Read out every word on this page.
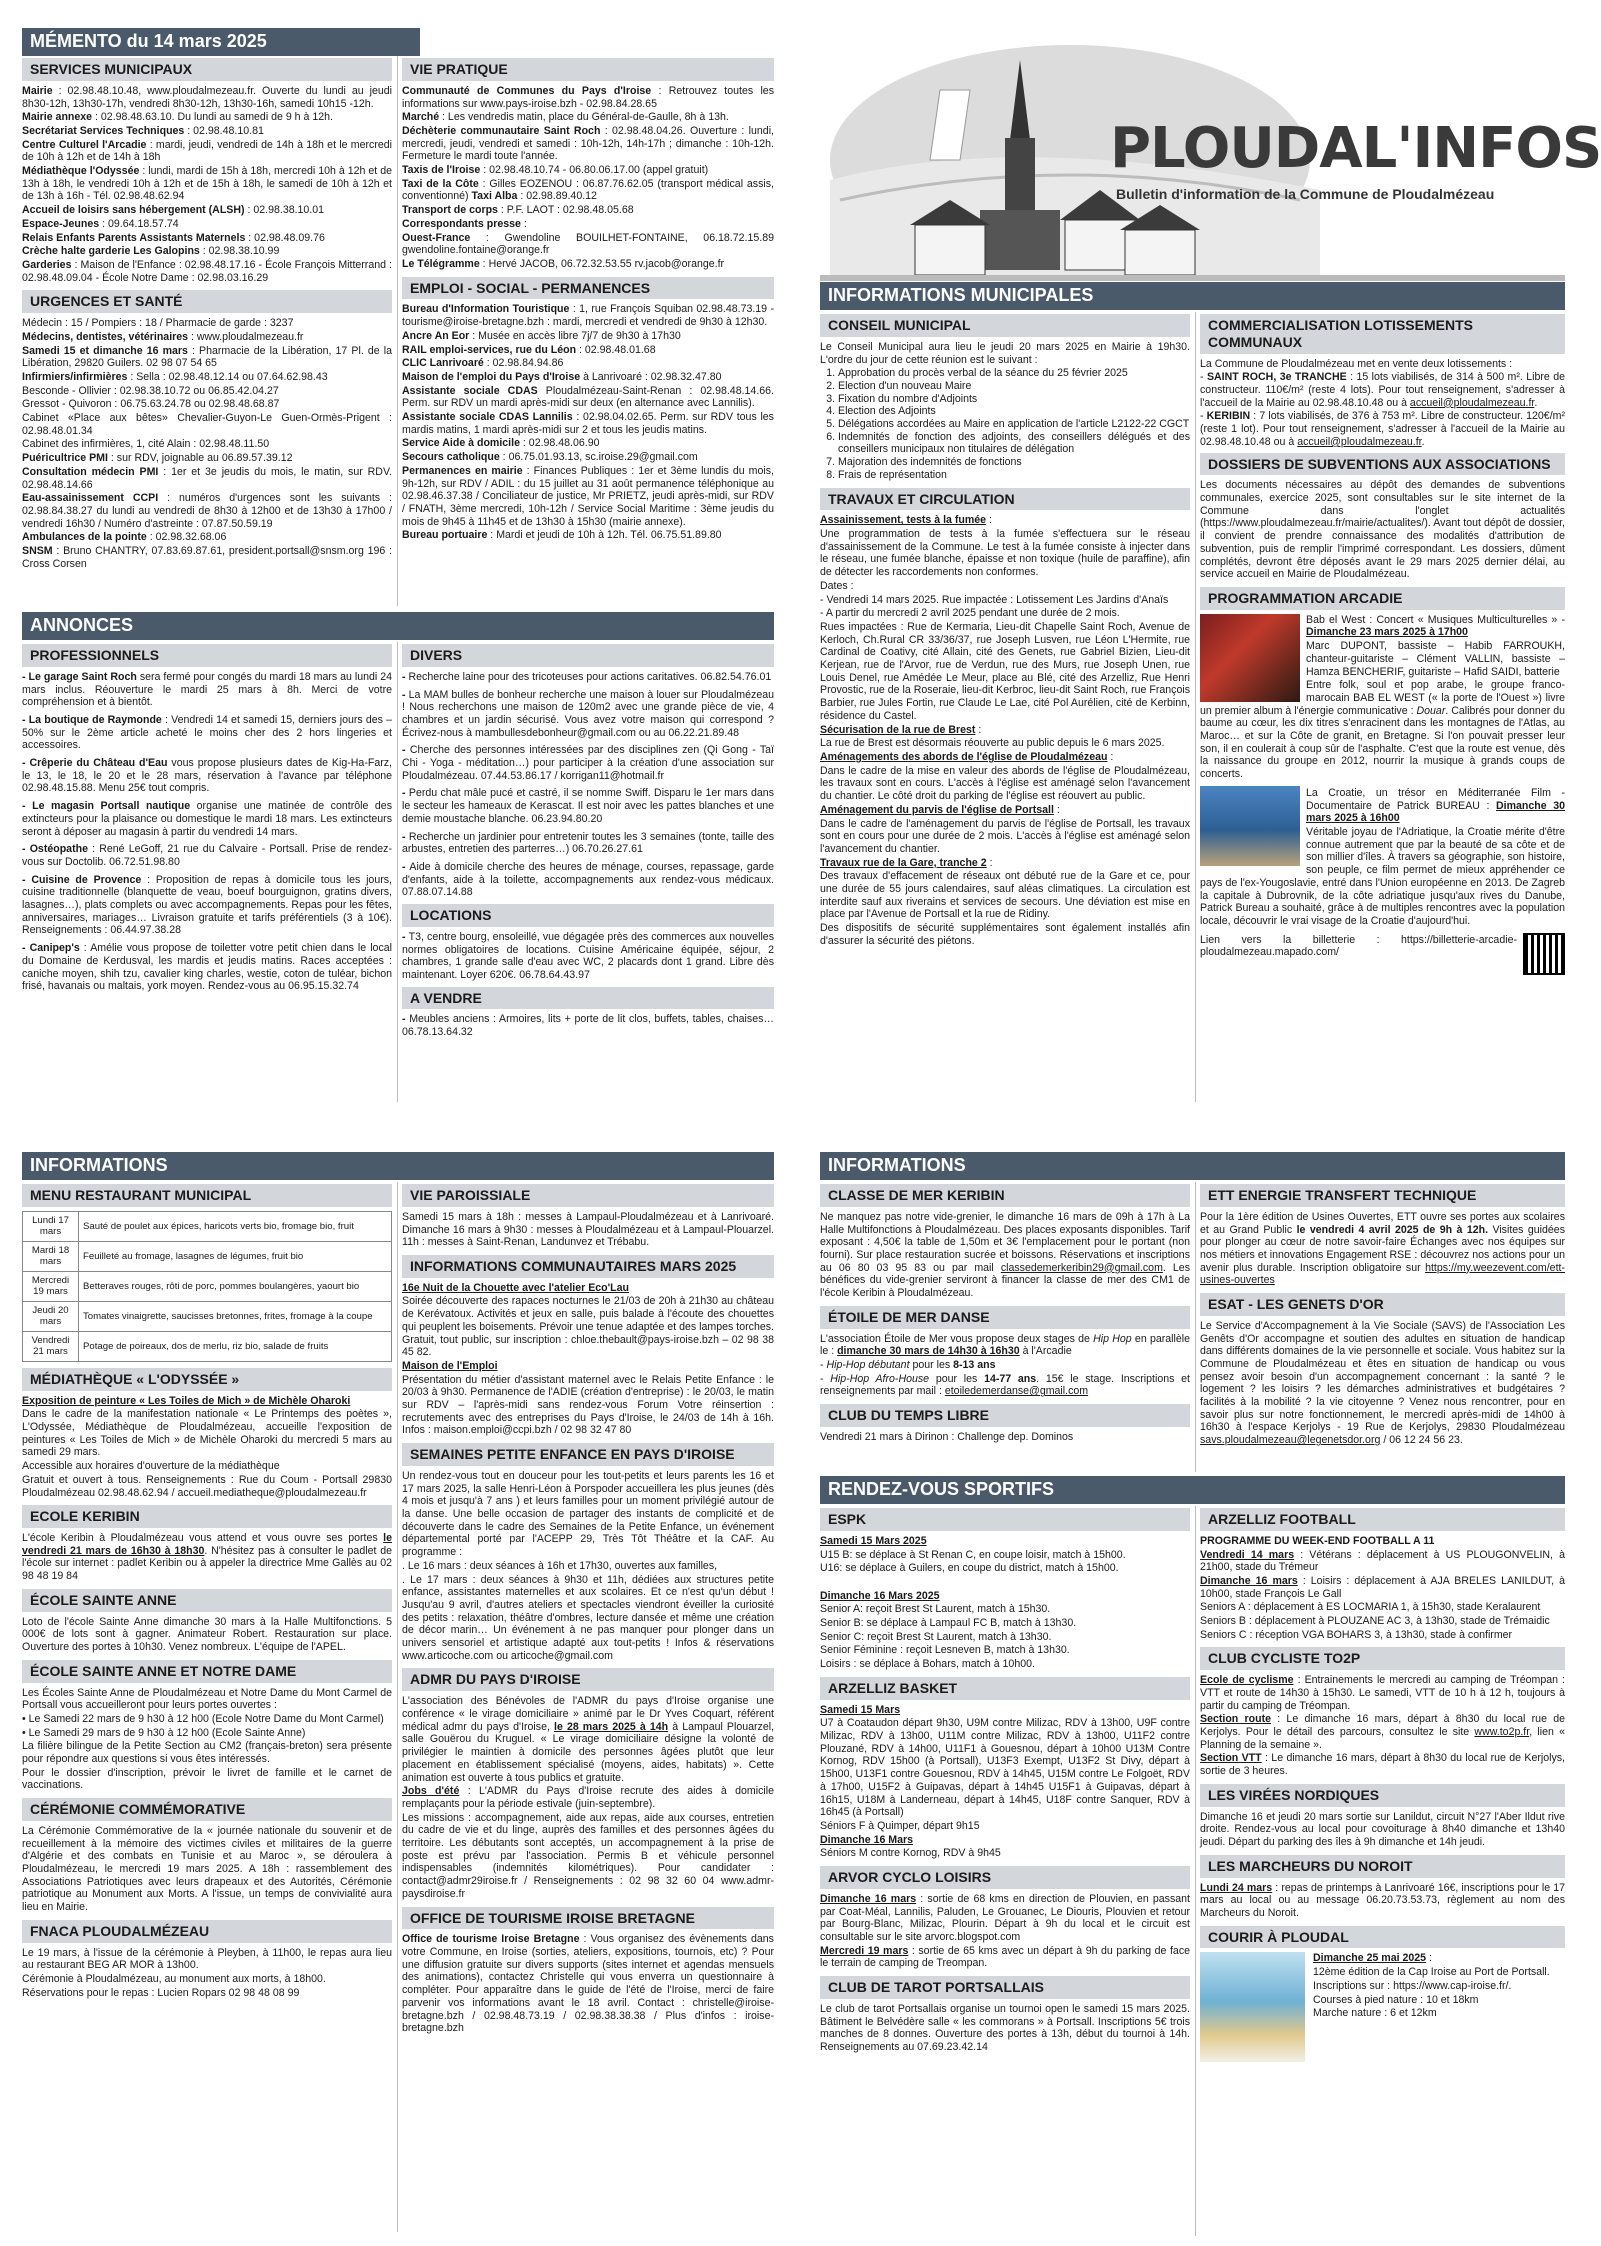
MÉMENTO du 14 mars 2025
SERVICES MUNICIPAUX

Mairie : 02.98.48.10.48, www.ploudalmezeau.fr. Ouverte du lundi au jeudi 8h30-12h, 13h30-17h, vendredi 8h30-12h, 13h30-16h, samedi 10h15 -12h.

Mairie annexe : 02.98.48.63.10. Du lundi au samedi de 9 h à 12h.

Secrétariat Services Techniques : 02.98.48.10.81

Centre Culturel l'Arcadie : mardi, jeudi, vendredi de 14h à 18h et le mercredi de 10h à 12h et de 14h à 18h

Médiathèque l'Odyssée : lundi, mardi de 15h à 18h, mercredi 10h à 12h et de 13h à 18h, le vendredi 10h à 12h et de 15h à 18h, le samedi de 10h à 12h et de 13h à 16h - Tél. 02.98.48.62.94

Accueil de loisirs sans hébergement (ALSH) : 02.98.38.10.01

Espace-Jeunes : 09.64.18.57.74

Relais Enfants Parents Assistants Maternels : 02.98.48.09.76

Crèche halte garderie Les Galopins : 02.98.38.10.99

Garderies : Maison de l'Enfance : 02.98.48.17.16 - École François Mitterrand : 02.98.48.09.04 - École Notre Dame : 02.98.03.16.29

URGENCES ET SANTÉ

Médecin : 15 / Pompiers : 18 / Pharmacie de garde : 3237

Médecins, dentistes, vétérinaires : www.ploudalmezeau.fr

Samedi 15 et dimanche 16 mars : Pharmacie de la Libération, 17 Pl. de la Libération, 29820 Guilers. 02 98 07 54 65

Infirmiers/infirmières : Sella : 02.98.48.12.14 ou 07.64.62.98.43

Besconde - Ollivier : 02.98.38.10.72 ou 06.85.42.04.27

Gressot - Quivoron : 06.75.63.24.78 ou 02.98.48.68.87

Cabinet «Place aux bêtes» Chevalier-Guyon-Le Guen-Ormès-Prigent : 02.98.48.01.34

Cabinet des infirmières, 1, cité Alain : 02.98.48.11.50

Puéricultrice PMI : sur RDV, joignable au 06.89.57.39.12

Consultation médecin PMI : 1er et 3e jeudis du mois, le matin, sur RDV. 02.98.48.14.66

Eau-assainissement CCPI : numéros d'urgences sont les suivants : 02.98.84.38.27 du lundi au vendredi de 8h30 à 12h00 et de 13h30 à 17h00 / vendredi 16h30 / Numéro d'astreinte : 07.87.50.59.19

Ambulances de la pointe : 02.98.32.68.06

SNSM : Bruno CHANTRY, 07.83.69.87.61, president.portsall@snsm.org 196 : Cross Corsen

VIE PRATIQUE

Communauté de Communes du Pays d'Iroise : Retrouvez toutes les informations sur www.pays-iroise.bzh - 02.98.84.28.65

Marché : Les vendredis matin, place du Général-de-Gaulle, 8h à 13h.

Déchèterie communautaire Saint Roch : 02.98.48.04.26. Ouverture : lundi, mercredi, jeudi, vendredi et samedi : 10h-12h, 14h-17h ; dimanche : 10h-12h. Fermeture le mardi toute l'année.

Taxis de l'Iroise : 02.98.48.10.74 - 06.80.06.17.00 (appel gratuit)

Taxi de la Côte : Gilles EOZENOU : 06.87.76.62.05 (transport médical assis, conventionné) Taxi Alba : 02.98.89.40.12

Transport de corps : P.F. LAOT : 02.98.48.05.68

Correspondants presse :

Ouest-France : Gwendoline BOUILHET-FONTAINE, 06.18.72.15.89 gwendoline.fontaine@orange.fr

Le Télégramme : Hervé JACOB, 06.72.32.53.55 rv.jacob@orange.fr

EMPLOI - SOCIAL - PERMANENCES

Bureau d'Information Touristique : 1, rue François Squiban 02.98.48.73.19 - tourisme@iroise-bretagne.bzh : mardi, mercredi et vendredi de 9h30 à 12h30.

Ancre An Eor : Musée en accès libre 7j/7 de 9h30 à 17h30

RAIL emploi-services, rue du Léon : 02.98.48.01.68

CLIC Lanrivoaré : 02.98.84.94.86

Maison de l'emploi du Pays d'Iroise à Lanrivoaré : 02.98.32.47.80

Assistante sociale CDAS Ploudalmézeau-Saint-Renan : 02.98.48.14.66. Perm. sur RDV un mardi après-midi sur deux (en alternance avec Lannilis).

Assistante sociale CDAS Lannilis : 02.98.04.02.65. Perm. sur RDV tous les mardis matins, 1 mardi après-midi sur 2 et tous les jeudis matins.

Service Aide à domicile : 02.98.48.06.90

Secours catholique : 06.75.01.93.13, sc.iroise.29@gmail.com

Permanences en mairie : Finances Publiques : 1er et 3ème lundis du mois, 9h-12h, sur RDV / ADIL : du 15 juillet au 31 août permanence téléphonique au 02.98.46.37.38 / Conciliateur de justice, Mr PRIETZ, jeudi après-midi, sur RDV / FNATH, 3ème mercredi, 10h-12h / Service Social Maritime : 3ème jeudis du mois de 9h45 à 11h45 et de 13h30 à 15h30 (mairie annexe).

Bureau portuaire : Mardi et jeudi de 10h à 12h. Tél. 06.75.51.89.80

ANNONCES
PROFESSIONNELS
- Le garage Saint Roch sera fermé pour congés du mardi 18 mars au lundi 24 mars inclus. Réouverture le mardi 25 mars à 8h. Merci de votre compréhension et à bientôt.
- La boutique de Raymonde : Vendredi 14 et samedi 15, derniers jours des – 50% sur le 2ème article acheté le moins cher des 2 hors lingeries et accessoires.
- Crêperie du Château d'Eau vous propose plusieurs dates de Kig-Ha-Farz, le 13, le 18, le 20 et le 28 mars, réservation à l'avance par téléphone 02.98.48.15.88. Menu 25€ tout compris.
- Le magasin Portsall nautique organise une matinée de contrôle des extincteurs pour la plaisance ou domestique le mardi 18 mars. Les extincteurs seront à déposer au magasin à partir du vendredi 14 mars.
- Ostéopathe : René LeGoff, 21 rue du Calvaire - Portsall. Prise de rendez-vous sur Doctolib. 06.72.51.98.80
- Cuisine de Provence : Proposition de repas à domicile tous les jours, cuisine traditionnelle (blanquette de veau, boeuf bourguignon, gratins divers, lasagnes…), plats complets ou avec accompagnements. Repas pour les fêtes, anniversaires, mariages… Livraison gratuite et tarifs préférentiels (3 à 10€). Renseignements : 06.44.97.38.28
- Canipep's : Amélie vous propose de toiletter votre petit chien dans le local du Domaine de Kerdusval, les mardis et jeudis matins. Races acceptées : caniche moyen, shih tzu, cavalier king charles, westie, coton de tuléar, bichon frisé, havanais ou maltais, york moyen. Rendez-vous au 06.95.15.32.74
DIVERS
- Recherche laine pour des tricoteuses pour actions caritatives. 06.82.54.76.01
- La MAM bulles de bonheur recherche une maison à louer sur Ploudalmézeau ! Nous recherchons une maison de 120m2 avec une grande pièce de vie, 4 chambres et un jardin sécurisé. Vous avez votre maison qui correspond ? Écrivez-nous à mambullesdebonheur@gmail.com ou au 06.22.21.89.48
- Cherche des personnes intéressées par des disciplines zen (Qi Gong - Taï Chi - Yoga - méditation…) pour participer à la création d'une association sur Ploudalmézeau. 07.44.53.86.17 / korrigan11@hotmail.fr
- Perdu chat mâle pucé et castré, il se nomme Swiff. Disparu le 1er mars dans le secteur les hameaux de Kerascat. Il est noir avec les pattes blanches et une demie moustache blanche. 06.23.94.80.20
- Recherche un jardinier pour entretenir toutes les 3 semaines (tonte, taille des arbustes, entretien des parterres…) 06.70.26.27.61
- Aide à domicile cherche des heures de ménage, courses, repassage, garde d'enfants, aide à la toilette, accompagnements aux rendez-vous médicaux. 07.88.07.14.88
LOCATIONS
- T3, centre bourg, ensoleillé, vue dégagée près des commerces aux nouvelles normes obligatoires de locations. Cuisine Américaine équipée, séjour, 2 chambres, 1 grande salle d'eau avec WC, 2 placards dont 1 grand. Libre dès maintenant. Loyer 620€. 06.78.64.43.97
A VENDRE
- Meubles anciens : Armoires, lits + porte de lit clos, buffets, tables, chaises… 06.78.13.64.32
PLOUDAL'INFOS
Bulletin d'information de la Commune de Ploudalmézeau
INFORMATIONS MUNICIPALES
CONSEIL MUNICIPAL

Le Conseil Municipal aura lieu le jeudi 20 mars 2025 en Mairie à 19h30. L'ordre du jour de cette réunion est le suivant :

1. Approbation du procès verbal de la séance du 25 février 2025
2. Election d'un nouveau Maire
3. Fixation du nombre d'Adjoints
4. Election des Adjoints
5. Délégations accordées au Maire en application de l'article L2122-22 CGCT
6. Indemnités de fonction des adjoints, des conseillers délégués et des conseillers municipaux non titulaires de délégation
7. Majoration des indemnités de fonctions
8. Frais de représentation
TRAVAUX ET CIRCULATION

Assainissement, tests à la fumée :

Une programmation de tests à la fumée s'effectuera sur le réseau d'assainissement de la Commune. Le test à la fumée consiste à injecter dans le réseau, une fumée blanche, épaisse et non toxique (huile de paraffine), afin de détecter les raccordements non conformes.

Dates :

- Vendredi 14 mars 2025. Rue impactée : Lotissement Les Jardins d'Anaïs

- A partir du mercredi 2 avril 2025 pendant une durée de 2 mois.

Rues impactées : Rue de Kermaria, Lieu-dit Chapelle Saint Roch, Avenue de Kerloch, Ch.Rural CR 33/36/37, rue Joseph Lusven, rue Léon L'Hermite, rue Cardinal de Coativy, cité Allain, cité des Genets, rue Gabriel Bizien, Lieu-dit Kerjean, rue de l'Arvor, rue de Verdun, rue des Murs, rue Joseph Unen, rue Louis Denel, rue Amédée Le Meur, place au Blé, cité des Arzelliz, Rue Henri Provostic, rue de la Roseraie, lieu-dit Kerbroc, lieu-dit Saint Roch, rue François Barbier, rue Jules Fortin, rue Claude Le Lae, cité Pol Aurélien, cité de Kerbinn, résidence du Castel.

Sécurisation de la rue de Brest :

La rue de Brest est désormais réouverte au public depuis le 6 mars 2025.

Aménagements des abords de l'église de Ploudalmézeau :

Dans le cadre de la mise en valeur des abords de l'église de Ploudalmézeau, les travaux sont en cours. L'accès à l'église est aménagé selon l'avancement du chantier. Le côté droit du parking de l'église est réouvert au public.

Aménagement du parvis de l'église de Portsall :

Dans le cadre de l'aménagement du parvis de l'église de Portsall, les travaux sont en cours pour une durée de 2 mois. L'accès à l'église est aménagé selon l'avancement du chantier.

Travaux rue de la Gare, tranche 2 :

Des travaux d'effacement de réseaux ont débuté rue de la Gare et ce, pour une durée de 55 jours calendaires, sauf aléas climatiques. La circulation est interdite sauf aux riverains et services de secours. Une déviation est mise en place par l'Avenue de Portsall et la rue de Ridiny.

Des dispositifs de sécurité supplémentaires sont également installés afin d'assurer la sécurité des piétons.

COMMERCIALISATION LOTISSEMENTS COMMUNAUX

La Commune de Ploudalmézeau met en vente deux lotissements :

- SAINT ROCH, 3e TRANCHE : 15 lots viabilisés, de 314 à 500 m². Libre de constructeur. 110€/m² (reste 4 lots). Pour tout renseignement, s'adresser à l'accueil de la Mairie au 02.98.48.10.48 ou à accueil@ploudalmezeau.fr.

- KERIBIN : 7 lots viabilisés, de 376 à 753 m². Libre de constructeur. 120€/m² (reste 1 lot). Pour tout renseignement, s'adresser à l'accueil de la Mairie au 02.98.48.10.48 ou à accueil@ploudalmezeau.fr.

DOSSIERS DE SUBVENTIONS AUX ASSOCIATIONS

Les documents nécessaires au dépôt des demandes de subventions communales, exercice 2025, sont consultables sur le site internet de la Commune dans l'onglet actualités (https://www.ploudalmezeau.fr/mairie/actualites/). Avant tout dépôt de dossier, il convient de prendre connaissance des modalités d'attribution de subvention, puis de remplir l'imprimé correspondant. Les dossiers, dûment complétés, devront être déposés avant le 29 mars 2025 dernier délai, au service accueil en Mairie de Ploudalmézeau.

PROGRAMMATION ARCADIE

Bab el West : Concert « Musiques Multiculturelles » - Dimanche 23 mars 2025 à 17h00

Marc DUPONT, bassiste – Habib FARROUKH, chanteur-guitariste – Clément VALLIN, bassiste – Hamza BENCHERIF, guitariste – Hafid SAIDI, batterie

Entre folk, soul et pop arabe, le groupe franco-marocain BAB EL WEST (« la porte de l'Ouest ») livre un premier album à l'énergie communicative : Douar. Calibrés pour donner du baume au cœur, les dix titres s'enracinent dans les montagnes de l'Atlas, au Maroc… et sur la Côte de granit, en Bretagne. Si l'on pouvait presser leur son, il en coulerait à coup sûr de l'asphalte. C'est que la route est venue, dès la naissance du groupe en 2012, nourrir la musique à grands coups de concerts.

La Croatie, un trésor en Méditerranée Film - Documentaire de Patrick BUREAU : Dimanche 30 mars 2025 à 16h00

Véritable joyau de l'Adriatique, la Croatie mérite d'être connue autrement que par la beauté de sa côte et de son millier d'îles. À travers sa géographie, son histoire, son peuple, ce film permet de mieux appréhender ce pays de l'ex-Yougoslavie, entré dans l'Union européenne en 2013. De Zagreb la capitale à Dubrovnik, de la côte adriatique jusqu'aux rives du Danube, Patrick Bureau a souhaité, grâce à de multiples rencontres avec la population locale, découvrir le vrai visage de la Croatie d'aujourd'hui.

Lien vers la billetterie : https://billetterie-arcadie-ploudalmezeau.mapado.com/

INFORMATIONS
MENU RESTAURANT MUNICIPAL
Lundi 17 mars	Sauté de poulet aux épices, haricots verts bio, fromage bio, fruit
Mardi 18 mars	Feuilleté au fromage, lasagnes de légumes, fruit bio
Mercredi 19 mars	Betteraves rouges, rôti de porc, pommes boulangères, yaourt bio
Jeudi 20 mars	Tomates vinaigrette, saucisses bretonnes, frites, fromage à la coupe
Vendredi 21 mars	Potage de poireaux, dos de merlu, riz bio, salade de fruits
MÉDIATHÈQUE « L'ODYSSÉE »

Exposition de peinture « Les Toiles de Mich » de Michèle Oharoki

Dans le cadre de la manifestation nationale « Le Printemps des poètes », L'Odyssée, Médiathèque de Ploudalmézeau, accueille l'exposition de peintures « Les Toiles de Mich » de Michèle Oharoki du mercredi 5 mars au samedi 29 mars.

Accessible aux horaires d'ouverture de la médiathèque

Gratuit et ouvert à tous. Renseignements : Rue du Coum - Portsall 29830 Ploudalmézeau 02.98.48.62.94 / accueil.mediatheque@ploudalmezeau.fr

ECOLE KERIBIN

L'école Keribin à Ploudalmézeau vous attend et vous ouvre ses portes le vendredi 21 mars de 16h30 à 18h30. N'hésitez pas à consulter le padlet de l'école sur internet : padlet Keribin ou à appeler la directrice Mme Gallès au 02 98 48 19 84

ÉCOLE SAINTE ANNE

Loto de l'école Sainte Anne dimanche 30 mars à la Halle Multifonctions. 5 000€ de lots sont à gagner. Animateur Robert. Restauration sur place. Ouverture des portes à 10h30. Venez nombreux. L'équipe de l'APEL.

ÉCOLE SAINTE ANNE ET NOTRE DAME

Les Écoles Sainte Anne de Ploudalmézeau et Notre Dame du Mont Carmel de Portsall vous accueilleront pour leurs portes ouvertes :

• Le Samedi 22 mars de 9 h30 à 12 h00 (Ecole Notre Dame du Mont Carmel)

• Le Samedi 29 mars de 9 h30 à 12 h00 (Ecole Sainte Anne)

La filière bilingue de la Petite Section au CM2 (français-breton) sera présente pour répondre aux questions si vous êtes intéressés.

Pour le dossier d'inscription, prévoir le livret de famille et le carnet de vaccinations.

CÉRÉMONIE COMMÉMORATIVE

La Cérémonie Commémorative de la « journée nationale du souvenir et de recueillement à la mémoire des victimes civiles et militaires de la guerre d'Algérie et des combats en Tunisie et au Maroc », se déroulera à Ploudalmézeau, le mercredi 19 mars 2025. A 18h : rassemblement des Associations Patriotiques avec leurs drapeaux et des Autorités, Cérémonie patriotique au Monument aux Morts. A l'issue, un temps de convivialité aura lieu en Mairie.

FNACA PLOUDALMÉZEAU

Le 19 mars, à l'issue de la cérémonie à Pleyben, à 11h00, le repas aura lieu au restaurant BEG AR MOR à 13h00.

Cérémonie à Ploudalmézeau, au monument aux morts, à 18h00.

Réservations pour le repas : Lucien Ropars 02 98 48 08 99

VIE PAROISSIALE

Samedi 15 mars à 18h : messes à Lampaul-Ploudalmézeau et à Lanrivoaré. Dimanche 16 mars à 9h30 : messes à Ploudalmézeau et à Lampaul-Plouarzel. 11h : messes à Saint-Renan, Landunvez et Trébabu.

INFORMATIONS COMMUNAUTAIRES MARS 2025

16e Nuit de la Chouette avec l'atelier Eco'Lau

Soirée découverte des rapaces nocturnes le 21/03 de 20h à 21h30 au château de Kerévatoux. Activités et jeux en salle, puis balade à l'écoute des chouettes qui peuplent les boisements. Prévoir une tenue adaptée et des lampes torches. Gratuit, tout public, sur inscription : chloe.thebault@pays-iroise.bzh – 02 98 38 45 82.

Maison de l'Emploi

Présentation du métier d'assistant maternel avec le Relais Petite Enfance : le 20/03 à 9h30. Permanence de l'ADIE (création d'entreprise) : le 20/03, le matin sur RDV – l'après-midi sans rendez-vous Forum Votre réinsertion : recrutements avec des entreprises du Pays d'Iroise, le 24/03 de 14h à 16h. Infos : maison.emploi@ccpi.bzh / 02 98 32 47 80

SEMAINES PETITE ENFANCE EN PAYS D'IROISE

Un rendez-vous tout en douceur pour les tout-petits et leurs parents les 16 et 17 mars 2025, la salle Henri-Léon à Porspoder accueillera les plus jeunes (dès 4 mois et jusqu'à 7 ans ) et leurs familles pour un moment privilégié autour de la danse. Une belle occasion de partager des instants de complicité et de découverte dans le cadre des Semaines de la Petite Enfance, un événement départemental porté par l'ACEPP 29, Très Tôt Théâtre et la CAF. Au programme :

. Le 16 mars : deux séances à 16h et 17h30, ouvertes aux familles,

. Le 17 mars : deux séances à 9h30 et 11h, dédiées aux structures petite enfance, assistantes maternelles et aux scolaires. Et ce n'est qu'un début ! Jusqu'au 9 avril, d'autres ateliers et spectacles viendront éveiller la curiosité des petits : relaxation, théâtre d'ombres, lecture dansée et même une création de décor marin… Un événement à ne pas manquer pour plonger dans un univers sensoriel et artistique adapté aux tout-petits ! Infos & réservations www.articoche.com ou articoche@gmail.com

ADMR DU PAYS D'IROISE

L'association des Bénévoles de l'ADMR du pays d'Iroise organise une conférence « le virage domiciliaire » animé par le Dr Yves Coquart, référent médical admr du pays d'Iroise, le 28 mars 2025 à 14h à Lampaul Plouarzel, salle Gouërou du Kruguel. « Le virage domiciliaire désigne la volonté de privilégier le maintien à domicile des personnes âgées plutôt que leur placement en établissement spécialisé (moyens, aides, habitats) ». Cette animation est ouverte à tous publics et gratuite.

Jobs d'été : L'ADMR du Pays d'Iroise recrute des aides à domicile remplaçants pour la période estivale (juin-septembre).

Les missions : accompagnement, aide aux repas, aide aux courses, entretien du cadre de vie et du linge, auprès des familles et des personnes âgées du territoire. Les débutants sont acceptés, un accompagnement à la prise de poste est prévu par l'association. Permis B et véhicule personnel indispensables (indemnités kilométriques). Pour candidater : contact@admr29iroise.fr / Renseignements : 02 98 32 60 04 www.admr-paysdiroise.fr

OFFICE DE TOURISME IROISE BRETAGNE

Office de tourisme Iroise Bretagne : Vous organisez des évènements dans votre Commune, en Iroise (sorties, ateliers, expositions, tournois, etc) ? Pour une diffusion gratuite sur divers supports (sites internet et agendas mensuels des animations), contactez Christelle qui vous enverra un questionnaire à compléter. Pour apparaître dans le guide de l'été de l'Iroise, merci de faire parvenir vos informations avant le 18 avril. Contact : christelle@iroise-bretagne.bzh / 02.98.48.73.19 / 02.98.38.38.38 / Plus d'infos : iroise-bretagne.bzh

INFORMATIONS
CLASSE DE MER KERIBIN

Ne manquez pas notre vide-grenier, le dimanche 16 mars de 09h à 17h à La Halle Multifonctions à Ploudalmézeau. Des places exposants disponibles. Tarif exposant : 4,50€ la table de 1,50m et 3€ l'emplacement pour le portant (non fourni). Sur place restauration sucrée et boissons. Réservations et inscriptions au 06 80 03 95 83 ou par mail classedemerkeribin29@gmail.com. Les bénéfices du vide-grenier serviront à financer la classe de mer des CM1 de l'école Keribin à Ploudalmézeau.

ÉTOILE DE MER DANSE

L'association Étoile de Mer vous propose deux stages de Hip Hop en parallèle le : dimanche 30 mars de 14h30 à 16h30 à l'Arcadie

- Hip-Hop débutant pour les 8-13 ans

- Hip-Hop Afro-House pour les 14-77 ans. 15€ le stage. Inscriptions et renseignements par mail : etoiledemerdanse@gmail.com

CLUB DU TEMPS LIBRE

Vendredi 21 mars à Dirinon : Challenge dep. Dominos

ETT ENERGIE TRANSFERT TECHNIQUE

Pour la 1ère édition de Usines Ouvertes, ETT ouvre ses portes aux scolaires et au Grand Public le vendredi 4 avril 2025 de 9h à 12h. Visites guidées pour plonger au cœur de notre savoir-faire Échanges avec nos équipes sur nos métiers et innovations Engagement RSE : découvrez nos actions pour un avenir plus durable. Inscription obligatoire sur https://my.weezevent.com/ett-usines-ouvertes

ESAT - LES GENETS D'OR

Le Service d'Accompagnement à la Vie Sociale (SAVS) de l'Association Les Genêts d'Or accompagne et soutien des adultes en situation de handicap dans différents domaines de la vie personnelle et sociale. Vous habitez sur la Commune de Ploudalmézeau et êtes en situation de handicap ou vous pensez avoir besoin d'un accompagnement concernant : la santé ? le logement ? les loisirs ? les démarches administratives et budgétaires ? facilités à la mobilité ? la vie citoyenne ? Venez nous rencontrer, pour en savoir plus sur notre fonctionnement, le mercredi après-midi de 14h00 à 16h30 à l'espace Kerjolys - 19 Rue de Kerjolys, 29830 Ploudalmézeau savs.ploudalmezeau@legenetsdor.org / 06 12 24 56 23.

RENDEZ-VOUS SPORTIFS
ESPK

Samedi 15 Mars 2025

U15 B: se déplace à St Renan C, en coupe loisir, match à 15h00.

U16: se déplace à Guilers, en coupe du district, match à 15h00.

Dimanche 16 Mars 2025

Senior A: reçoit Brest St Laurent, match à 15h30.

Senior B: se déplace à Lampaul FC B, match à 13h30.

Senior C: reçoit Brest St Laurent, match à 13h30.

Senior Féminine : reçoit Lesneven B, match à 13h30.

Loisirs : se déplace à Bohars, match à 10h00.

ARZELLIZ BASKET

Samedi 15 Mars

U7 à Coataudon départ 9h30, U9M contre Milizac, RDV à 13h00, U9F contre Milizac, RDV à 13h00, U11M contre Milizac, RDV à 13h00, U11F2 contre Plouzané, RDV à 14h00, U11F1 à Gouesnou, départ à 10h00 U13M Contre Kornog, RDV 15h00 (à Portsall), U13F3 Exempt, U13F2 St Divy, départ à 15h00, U13F1 contre Gouesnou, RDV à 14h45, U15M contre Le Folgoët, RDV à 17h00, U15F2 à Guipavas, départ à 14h45 U15F1 à Guipavas, départ à 16h15, U18M à Landerneau, départ à 14h45, U18F contre Sanquer, RDV à 16h45 (à Portsall)

Séniors F à Quimper, départ 9h15

Dimanche 16 Mars

Séniors M contre Kornog, RDV à 9h45

ARVOR CYCLO LOISIRS

Dimanche 16 mars : sortie de 68 kms en direction de Plouvien, en passant par Coat-Méal, Lannilis, Paluden, Le Grouanec, Le Diouris, Plouvien et retour par Bourg-Blanc, Milizac, Plourin. Départ à 9h du local et le circuit est consultable sur le site arvorc.blogspot.com

Mercredi 19 mars : sortie de 65 kms avec un départ à 9h du parking de face le terrain de camping de Treompan.

CLUB DE TAROT PORTSALLAIS

Le club de tarot Portsallais organise un tournoi open le samedi 15 mars 2025. Bâtiment le Belvédère salle « les commorans » à Portsall. Inscriptions 5€ trois manches de 8 donnes. Ouverture des portes à 13h, début du tournoi à 14h. Renseignements au 07.69.23.42.14

ARZELLIZ FOOTBALL

PROGRAMME DU WEEK-END FOOTBALL A 11

Vendredi 14 mars : Vétérans : déplacement à US PLOUGONVELIN, à 21h00, stade du Trémeur

Dimanche 16 mars : Loisirs : déplacement à AJA BRELES LANILDUT, à 10h00, stade François Le Gall

Seniors A : déplacement à ES LOCMARIA 1, à 15h30, stade Keralaurent

Seniors B : déplacement à PLOUZANE AC 3, à 13h30, stade de Trémaidic

Seniors C : réception VGA BOHARS 3, à 13h30, stade à confirmer

CLUB CYCLISTE TO2P

Ecole de cyclisme : Entrainements le mercredi au camping de Tréompan : VTT et route de 14h30 à 15h30. Le samedi, VTT de 10 h à 12 h, toujours à partir du camping de Tréompan.

Section route : Le dimanche 16 mars, départ à 8h30 du local rue de Kerjolys. Pour le détail des parcours, consultez le site www.to2p.fr, lien « Planning de la semaine ».

Section VTT : Le dimanche 16 mars, départ à 8h30 du local rue de Kerjolys, sortie de 3 heures.

LES VIRÉES NORDIQUES

Dimanche 16 et jeudi 20 mars sortie sur Lanildut, circuit N°27 l'Aber Ildut rive droite. Rendez-vous au local pour covoiturage à 8h40 dimanche et 13h40 jeudi. Départ du parking des îles à 9h dimanche et 14h jeudi.

LES MARCHEURS DU NOROIT

Lundi 24 mars : repas de printemps à Lanrivoaré 16€, inscriptions pour le 17 mars au local ou au message 06.20.73.53.73, règlement au nom des Marcheurs du Noroit.

COURIR À PLOUDAL

Dimanche 25 mai 2025 :

12ème édition de la Cap Iroise au Port de Portsall.

Inscriptions sur : https://www.cap-iroise.fr/.

Courses à pied nature : 10 et 18km

Marche nature : 6 et 12km
